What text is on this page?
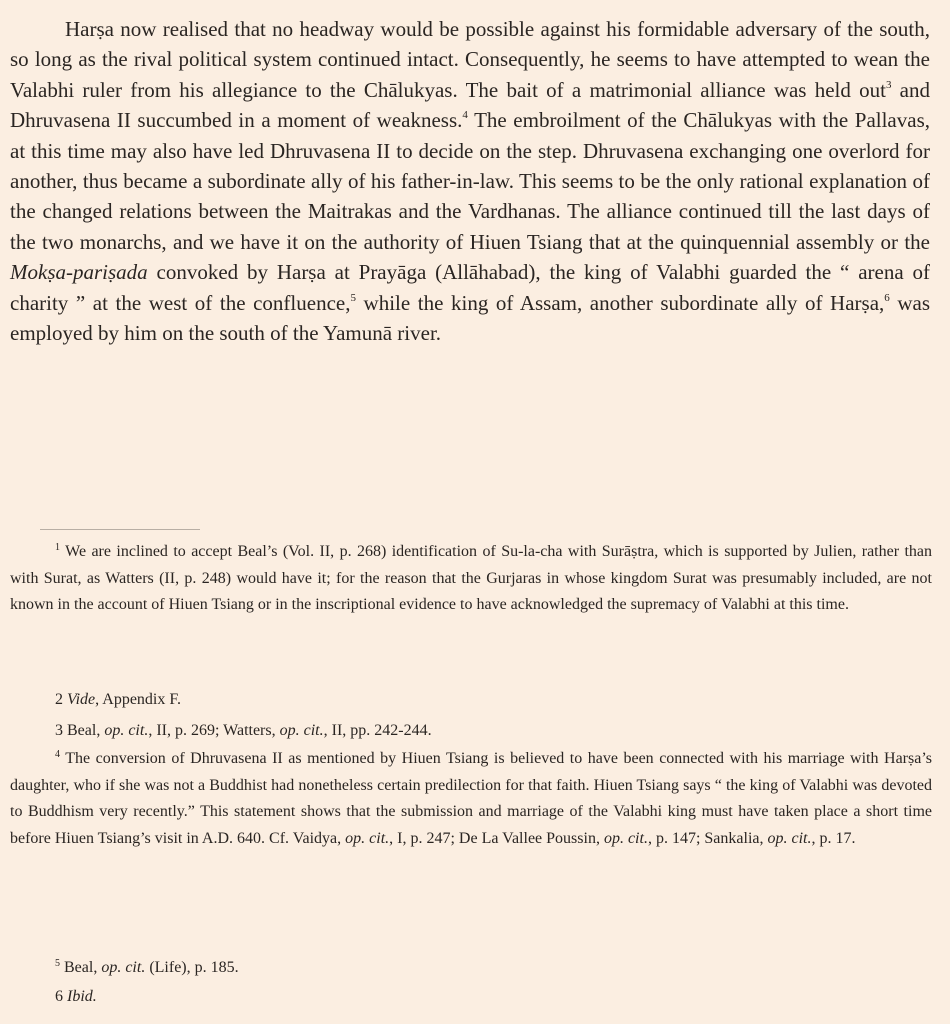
Harṣa now realised that no headway would be possible against his formidable adversary of the south, so long as the rival political system continued intact. Consequently, he seems to have attempted to wean the Valabhi ruler from his allegiance to the Chālukyas. The bait of a matrimonial alliance was held out$^3$ and Dhruvasena II succumbed in a moment of weakness.$^4$ The embroilment of the Chālukyas with the Pallavas, at this time may also have led Dhruvasena II to decide on the step. Dhruvasena exchanging one overlord for another, thus became a subordinate ally of his father-in-law. This seems to be the only rational explanation of the changed relations between the Maitrakas and the Vardhanas. The alliance continued till the last days of the two monarchs, and we have it on the authority of Hiuen Tsiang that at the quinquennial assembly or the Mokṣa-pariṣada convoked by Harṣa at Prayāga (Allāhabad), the king of Valabhi guarded the “ arena of charity ” at the west of the confluence,$^5$ while the king of Assam, another subordinate ally of Harṣa,$^6$ was employed by him on the south of the Yamunā river.

$^1$ We are inclined to accept Beal’s (Vol. II, p. 268) identification of Su-la-cha with Surāṣtra, which is supported by Julien, rather than with Surat, as Watters (II, p. 248) would have it; for the reason that the Gurjaras in whose kingdom Surat was presumably included, are not known in the account of Hiuen Tsiang or in the inscriptional evidence to have acknowledged the supremacy of Valabhi at this time.

2 Vide, Appendix F.

3 Beal, op. cit., II, p. 269; Watters, op. cit., II, pp. 242-244.

$^4$ The conversion of Dhruvasena II as mentioned by Hiuen Tsiang is believed to have been connected with his marriage with Harṣa’s daughter, who if she was not a Buddhist had nonetheless certain predilection for that faith. Hiuen Tsiang says “ the king of Valabhi was devoted to Buddhism very recently.” This statement shows that the submission and marriage of the Valabhi king must have taken place a short time before Hiuen Tsiang’s visit in A.D. 640. Cf. Vaidya, op. cit., I, p. 247; De La Vallee Poussin, op. cit., p. 147; Sankalia, op. cit., p. 17.

$^5$ Beal, op. cit. (Life), p. 185.

6 Ibid.
